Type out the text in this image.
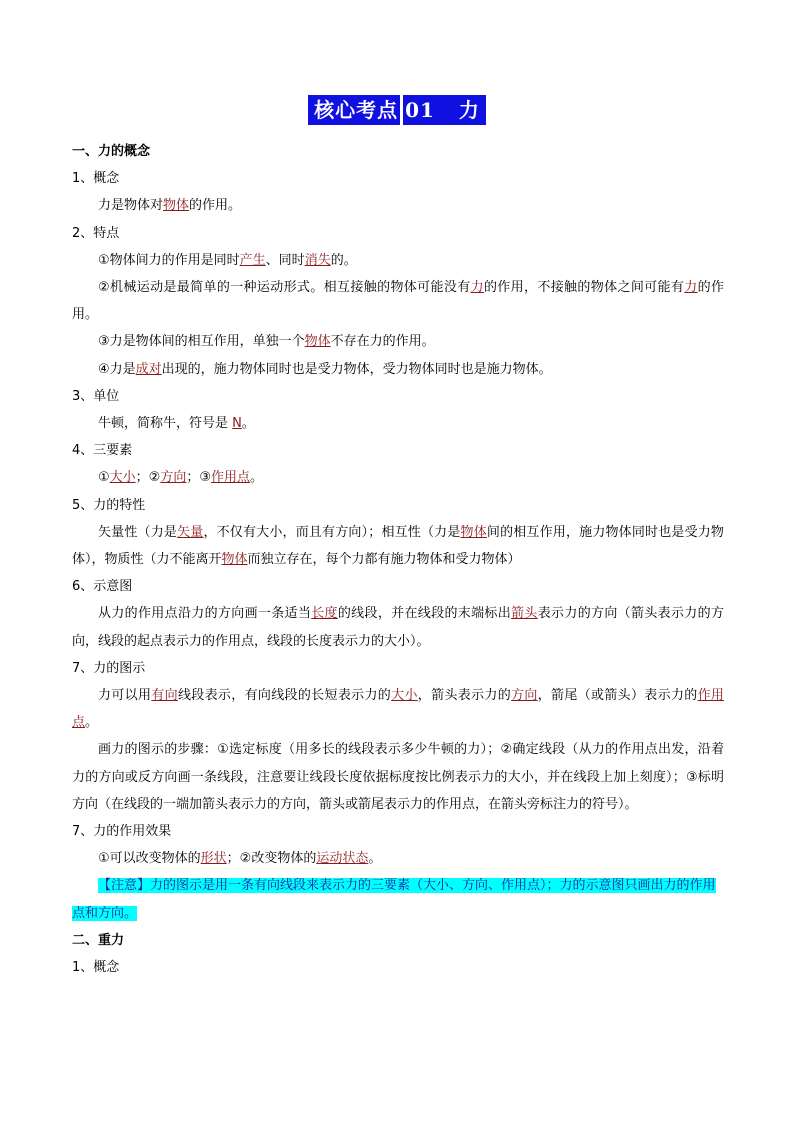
核心考点 01 力
一、力的概念
1、概念
力是物体对物体的作用。
2、特点
①物体间力的作用是同时产生、同时消失的。
②机械运动是最简单的一种运动形式。相互接触的物体可能没有力的作用，不接触的物体之间可能有力的作用。
③力是物体间的相互作用，单独一个物体不存在力的作用。
④力是成对出现的，施力物体同时也是受力物体，受力物体同时也是施力物体。
3、单位
牛顿，简称牛，符号是 N。
4、三要素
①大小；②方向；③作用点。
5、力的特性
矢量性（力是矢量，不仅有大小，而且有方向）；相互性（力是物体间的相互作用，施力物体同时也是受力物体），物质性（力不能离开物体而独立存在，每个力都有施力物体和受力物体）
6、示意图
从力的作用点沿力的方向画一条适当长度的线段，并在线段的末端标出箭头表示力的方向（箭头表示力的方向，线段的起点表示力的作用点，线段的长度表示力的大小）。
7、力的图示
力可以用有向线段表示，有向线段的长短表示力的大小，箭头表示力的方向，箭尾（或箭头）表示力的作用点。
画力的图示的步骤：①选定标度（用多长的线段表示多少牛顿的力）；②确定线段（从力的作用点出发，沿着力的方向或反方向画一条线段，注意要让线段长度依据标度按比例表示力的大小，并在线段上加上刻度）；③标明方向（在线段的一端加箭头表示力的方向，箭头或箭尾表示力的作用点，在箭头旁标注力的符号）。
7、力的作用效果
①可以改变物体的形状；②改变物体的运动状态。
【注意】力的图示是用一条有向线段来表示力的三要素（大小、方向、作用点）；力的示意图只画出力的作用点和方向。
二、重力
1、概念
